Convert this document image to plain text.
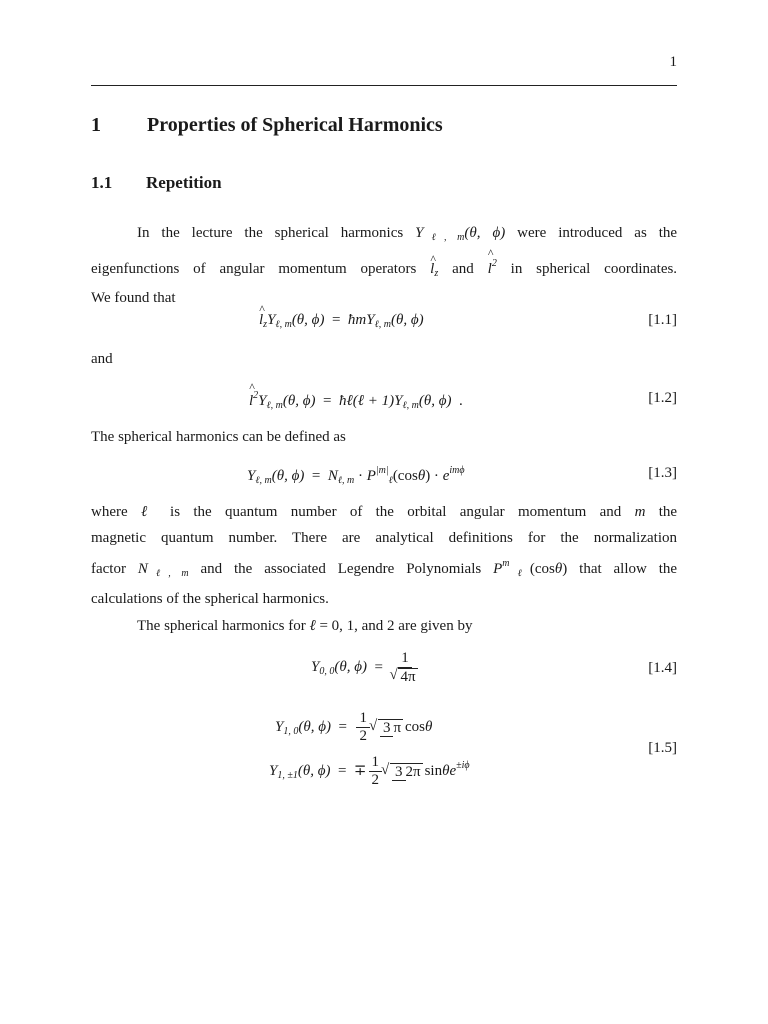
1
1 Properties of Spherical Harmonics
1.1 Repetition
In the lecture the spherical harmonics $Y_{\ell, m}(\theta$, ϕ) were introduced as the
eigenfunctions of angular momentum operators ^ $l_z$ and ^ $l^2$ in spherical coordinates.
We found that
^ $l_zY_{\ell, m}(\theta$, ϕ)  =  ħmY$_{\ell, m}$(θ, ϕ)	[1.1]
and
^ $l^2Y_{\ell, m}(\theta$, ϕ)  =  ħℓ(ℓ + $1)Y_{\ell, m}(\theta$, ϕ)  .	[1.2]
The spherical harmonics can be defined as
$Y_{\ell, m}(\theta$, $\phi) = N_{\ell, m} \cdot P^{|m|}_\ell(\cos\theta) \cdot e^{im\phi}$	[1.3]
where ℓ is the quantum number of the orbital angular momentum and m the
magnetic quantum number. There are analytical definitions for the normalization
factor $N_{\ell, m}$ and the associated Legendre Polynomials $P^m_\ell(\cos\theta)$ that allow the
calculations of the spherical harmonics.
The spherical harmonics for ℓ = 0, 1, and 2 are given by
$Y_{0, 0}(\theta$, ϕ)  = 1
√ 4π	[1.4]
$Y_{1, 0}(\theta$, $\phi) = \frac{1}{2}$ √ 3 π cosθ
$Y_{1, \pm 1}(\theta$, ϕ)  =  ∓ $\frac{1}{2}$ √ 3 2π sinθe$^{\pm i\phi}$
[1.5]
